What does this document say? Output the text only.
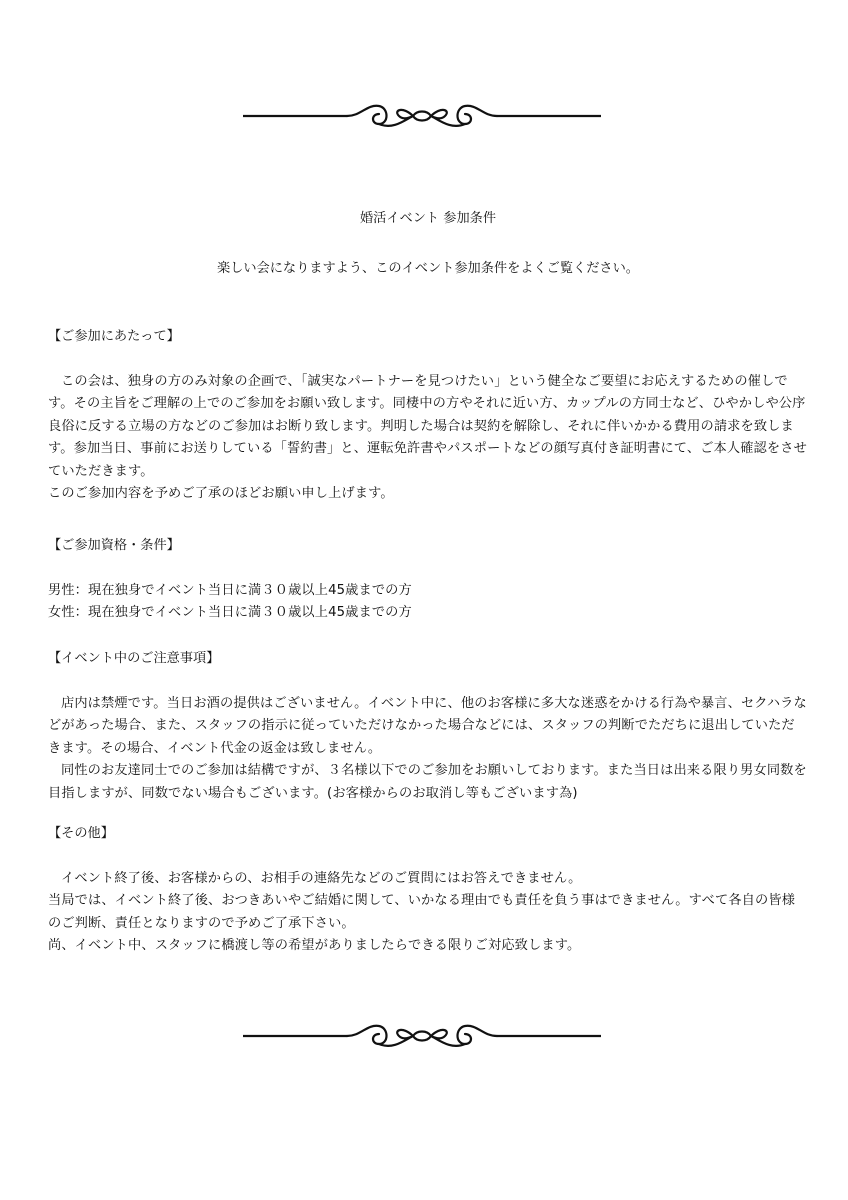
婚活イベント 参加条件
楽しい会になりますよう、このイベント参加条件をよくご覧ください。
【ご参加にあたって】

この会は、独身の方のみ対象の企画で、「誠実なパートナーを見つけたい」という健全なご要望にお応えするための催しです。その主旨をご理解の上でのご参加をお願い致します。同棲中の方やそれに近い方、カップルの方同士など、ひやかしや公序良俗に反する立場の方などのご参加はお断り致します。判明した場合は契約を解除し、それに伴いかかる費用の請求を致します。参加当日、事前にお送りしている「誓約書」と、運転免許書やパスポートなどの顔写真付き証明書にて、ご本人確認をさせていただきます。

このご参加内容を予めご了承のほどお願い申し上げます。

【ご参加資格・条件】

男性：現在独身でイベント当日に満３０歳以上45歳までの方

女性：現在独身でイベント当日に満３０歳以上45歳までの方

【イベント中のご注意事項】

店内は禁煙です。当日お酒の提供はございません。イベント中に、他のお客様に多大な迷惑をかける行為や暴言、セクハラなどがあった場合、また、スタッフの指示に従っていただけなかった場合などには、スタッフの判断でただちに退出していただきます。その場合、イベント代金の返金は致しません。

同性のお友達同士でのご参加は結構ですが、３名様以下でのご参加をお願いしております。また当日は出来る限り男女同数を目指しますが、同数でない場合もございます。(お客様からのお取消し等もございます為)

【その他】

イベント終了後、お客様からの、お相手の連絡先などのご質問にはお答えできません。

当局では、イベント終了後、おつきあいやご結婚に関して、いかなる理由でも責任を負う事はできません。すべて各自の皆様のご判断、責任となりますので予めご了承下さい。

尚、イベント中、スタッフに橋渡し等の希望がありましたらできる限りご対応致します。
